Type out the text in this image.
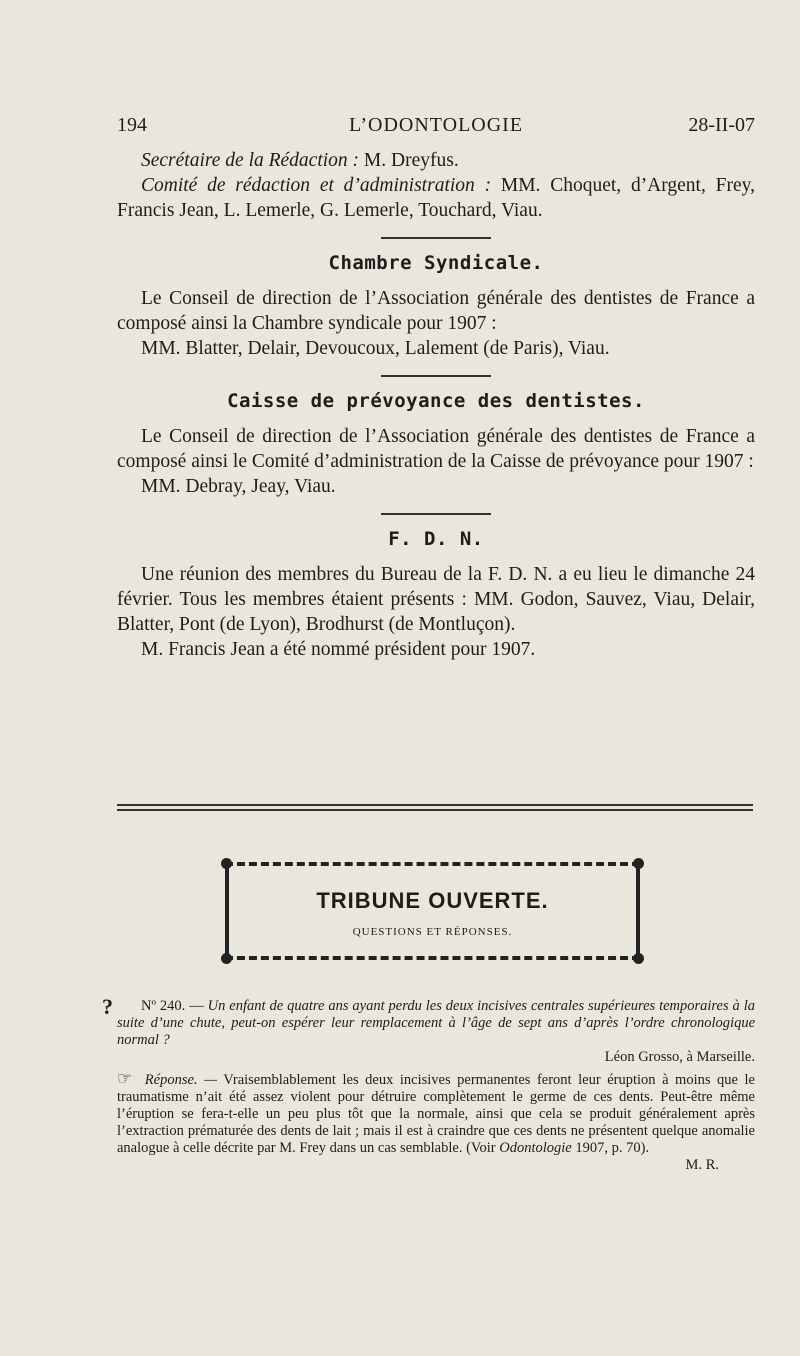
194	L’ODONTOLOGIE	28-II-07

Secrétaire de la Rédaction : M. Dreyfus.

Comité de rédaction et d’administration : MM. Choquet, d’Argent, Frey, Francis Jean, L. Lemerle, G. Lemerle, Touchard, Viau.

Chambre Syndicale.

Le Conseil de direction de l’Association générale des dentistes de France a composé ainsi la Chambre syndicale pour 1907 :

MM. Blatter, Delair, Devoucoux, Lalement (de Paris), Viau.

Caisse de prévoyance des dentistes.

Le Conseil de direction de l’Association générale des dentistes de France a composé ainsi le Comité d’administration de la Caisse de prévoyance pour 1907 :

MM. Debray, Jeay, Viau.

F. D. N.

Une réunion des membres du Bureau de la F. D. N. a eu lieu le dimanche 24 février. Tous les membres étaient présents : MM. Godon, Sauvez, Viau, Delair, Blatter, Pont (de Lyon), Brodhurst (de Montluçon).

M. Francis Jean a été nommé président pour 1907.

TRIBUNE OUVERTE.
QUESTIONS ET RÉPONSES.
?	Nº 240. — Un enfant de quatre ans ayant perdu les deux incisives centrales supérieures temporaires à la suite d’une chute, peut-on espérer leur remplacement à l’âge de sept ans d’après l’ordre chronologique normal ?

Léon Grosso, à Marseille.

☞ Réponse. — Vraisemblablement les deux incisives permanentes feront leur éruption à moins que le traumatisme n’ait été assez violent pour détruire complètement le germe de ces dents. Peut-être même l’éruption se fera-t-elle un peu plus tôt que la normale, ainsi que cela se produit généralement après l’extraction prématurée des dents de lait ; mais il est à craindre que ces dents ne présentent quelque anomalie analogue à celle décrite par M. Frey dans un cas semblable. (Voir Odontologie 1907, p. 70).

M. R.
